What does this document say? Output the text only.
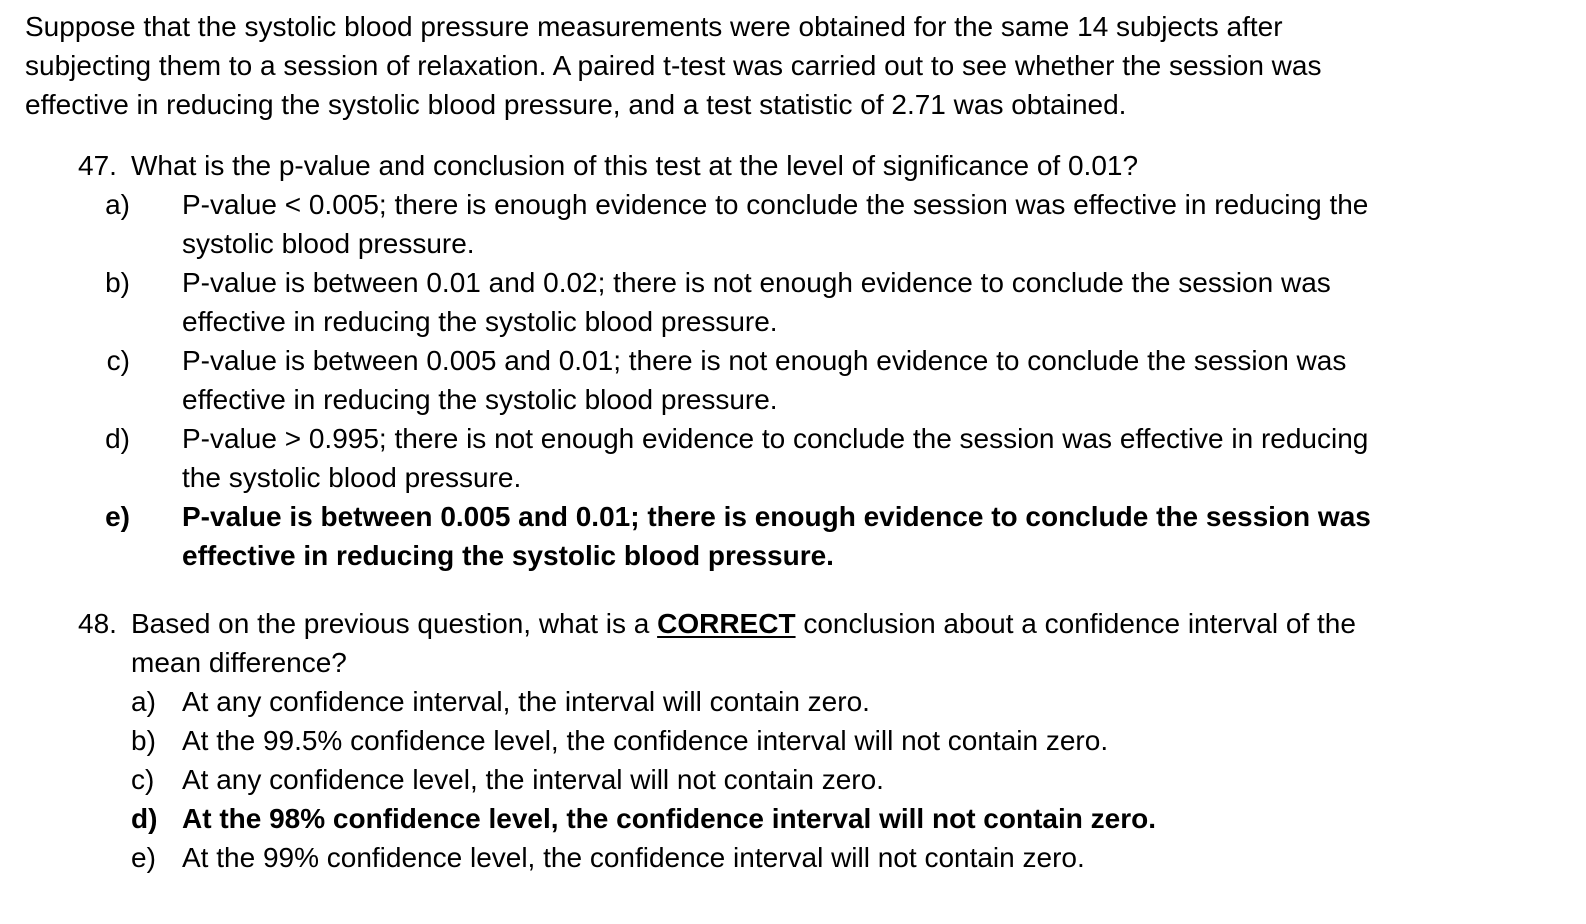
Suppose that the systolic blood pressure measurements were obtained for the same 14 subjects after

subjecting them to a session of relaxation. A paired t-test was carried out to see whether the session was

effective in reducing the systolic blood pressure, and a test statistic of 2.71 was obtained.

47. What is the p-value and conclusion of this test at the level of significance of 0.01?
a)	P-value < 0.005; there is enough evidence to conclude the session was effective in reducing the
systolic blood pressure.
b)	P-value is between 0.01 and 0.02; there is not enough evidence to conclude the session was
effective in reducing the systolic blood pressure.
c)	P-value is between 0.005 and 0.01; there is not enough evidence to conclude the session was
effective in reducing the systolic blood pressure.
d)	P-value > 0.995; there is not enough evidence to conclude the session was effective in reducing
the systolic blood pressure.
e)	P-value is between 0.005 and 0.01; there is enough evidence to conclude the session was
effective in reducing the systolic blood pressure.
48. Based on the previous question, what is a CORRECT conclusion about a confidence interval of the
mean difference?
a) At any confidence interval, the interval will contain zero.
b) At the 99.5% confidence level, the confidence interval will not contain zero.
c) At any confidence level, the interval will not contain zero.
d) At the 98% confidence level, the confidence interval will not contain zero.
e) At the 99% confidence level, the confidence interval will not contain zero.
